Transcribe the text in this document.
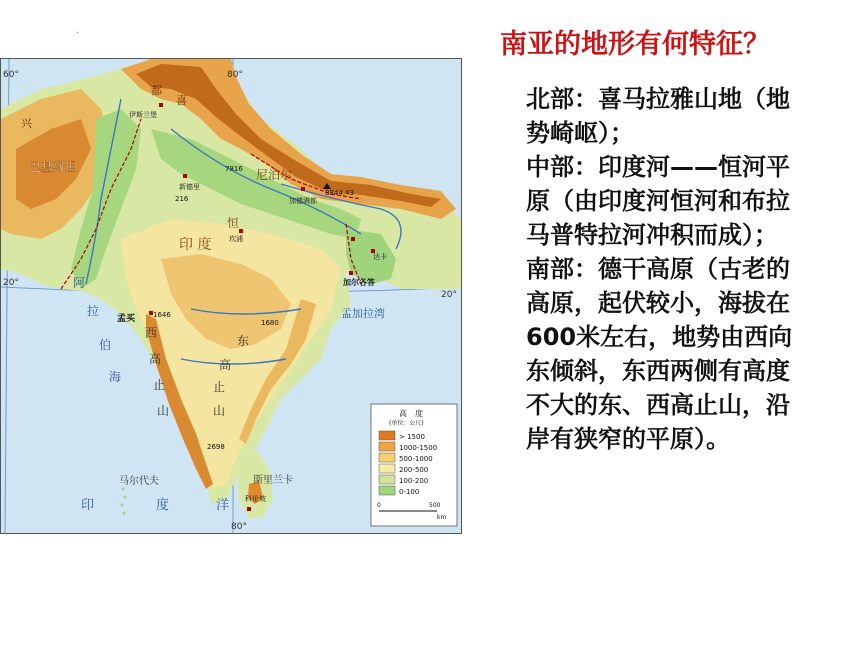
·
60°	80°
80°
20°
20°
巴基斯坦
尼泊尔
印 度
斯里兰卡
马尔代夫
阿
拉
伯
海
孟加拉湾
印	度	洋
都
喜
兴
西
高
止
山
东
高
止
山
恒
伊斯兰堡
新德里
加德满都
达卡
加尔各答
孟买
科伦坡
坎浦
8844.43
7816
1646
1680
2698
216
高　度
(单位：公尺)
> 1500
1000-1500
500-1000
200-500
100-200
0-100
0	500
km
南亚的地形有何特征？

北部：喜马拉雅山地（地势崎岖）；

中部：印度河——恒河平原（由印度河恒河和布拉马普特拉河冲积而成）；

南部：德干高原（古老的高原，起伏较小，海拔在600米左右，地势由西向东倾斜，东西两侧有高度不大的东、西高止山，沿岸有狭窄的平原）。
